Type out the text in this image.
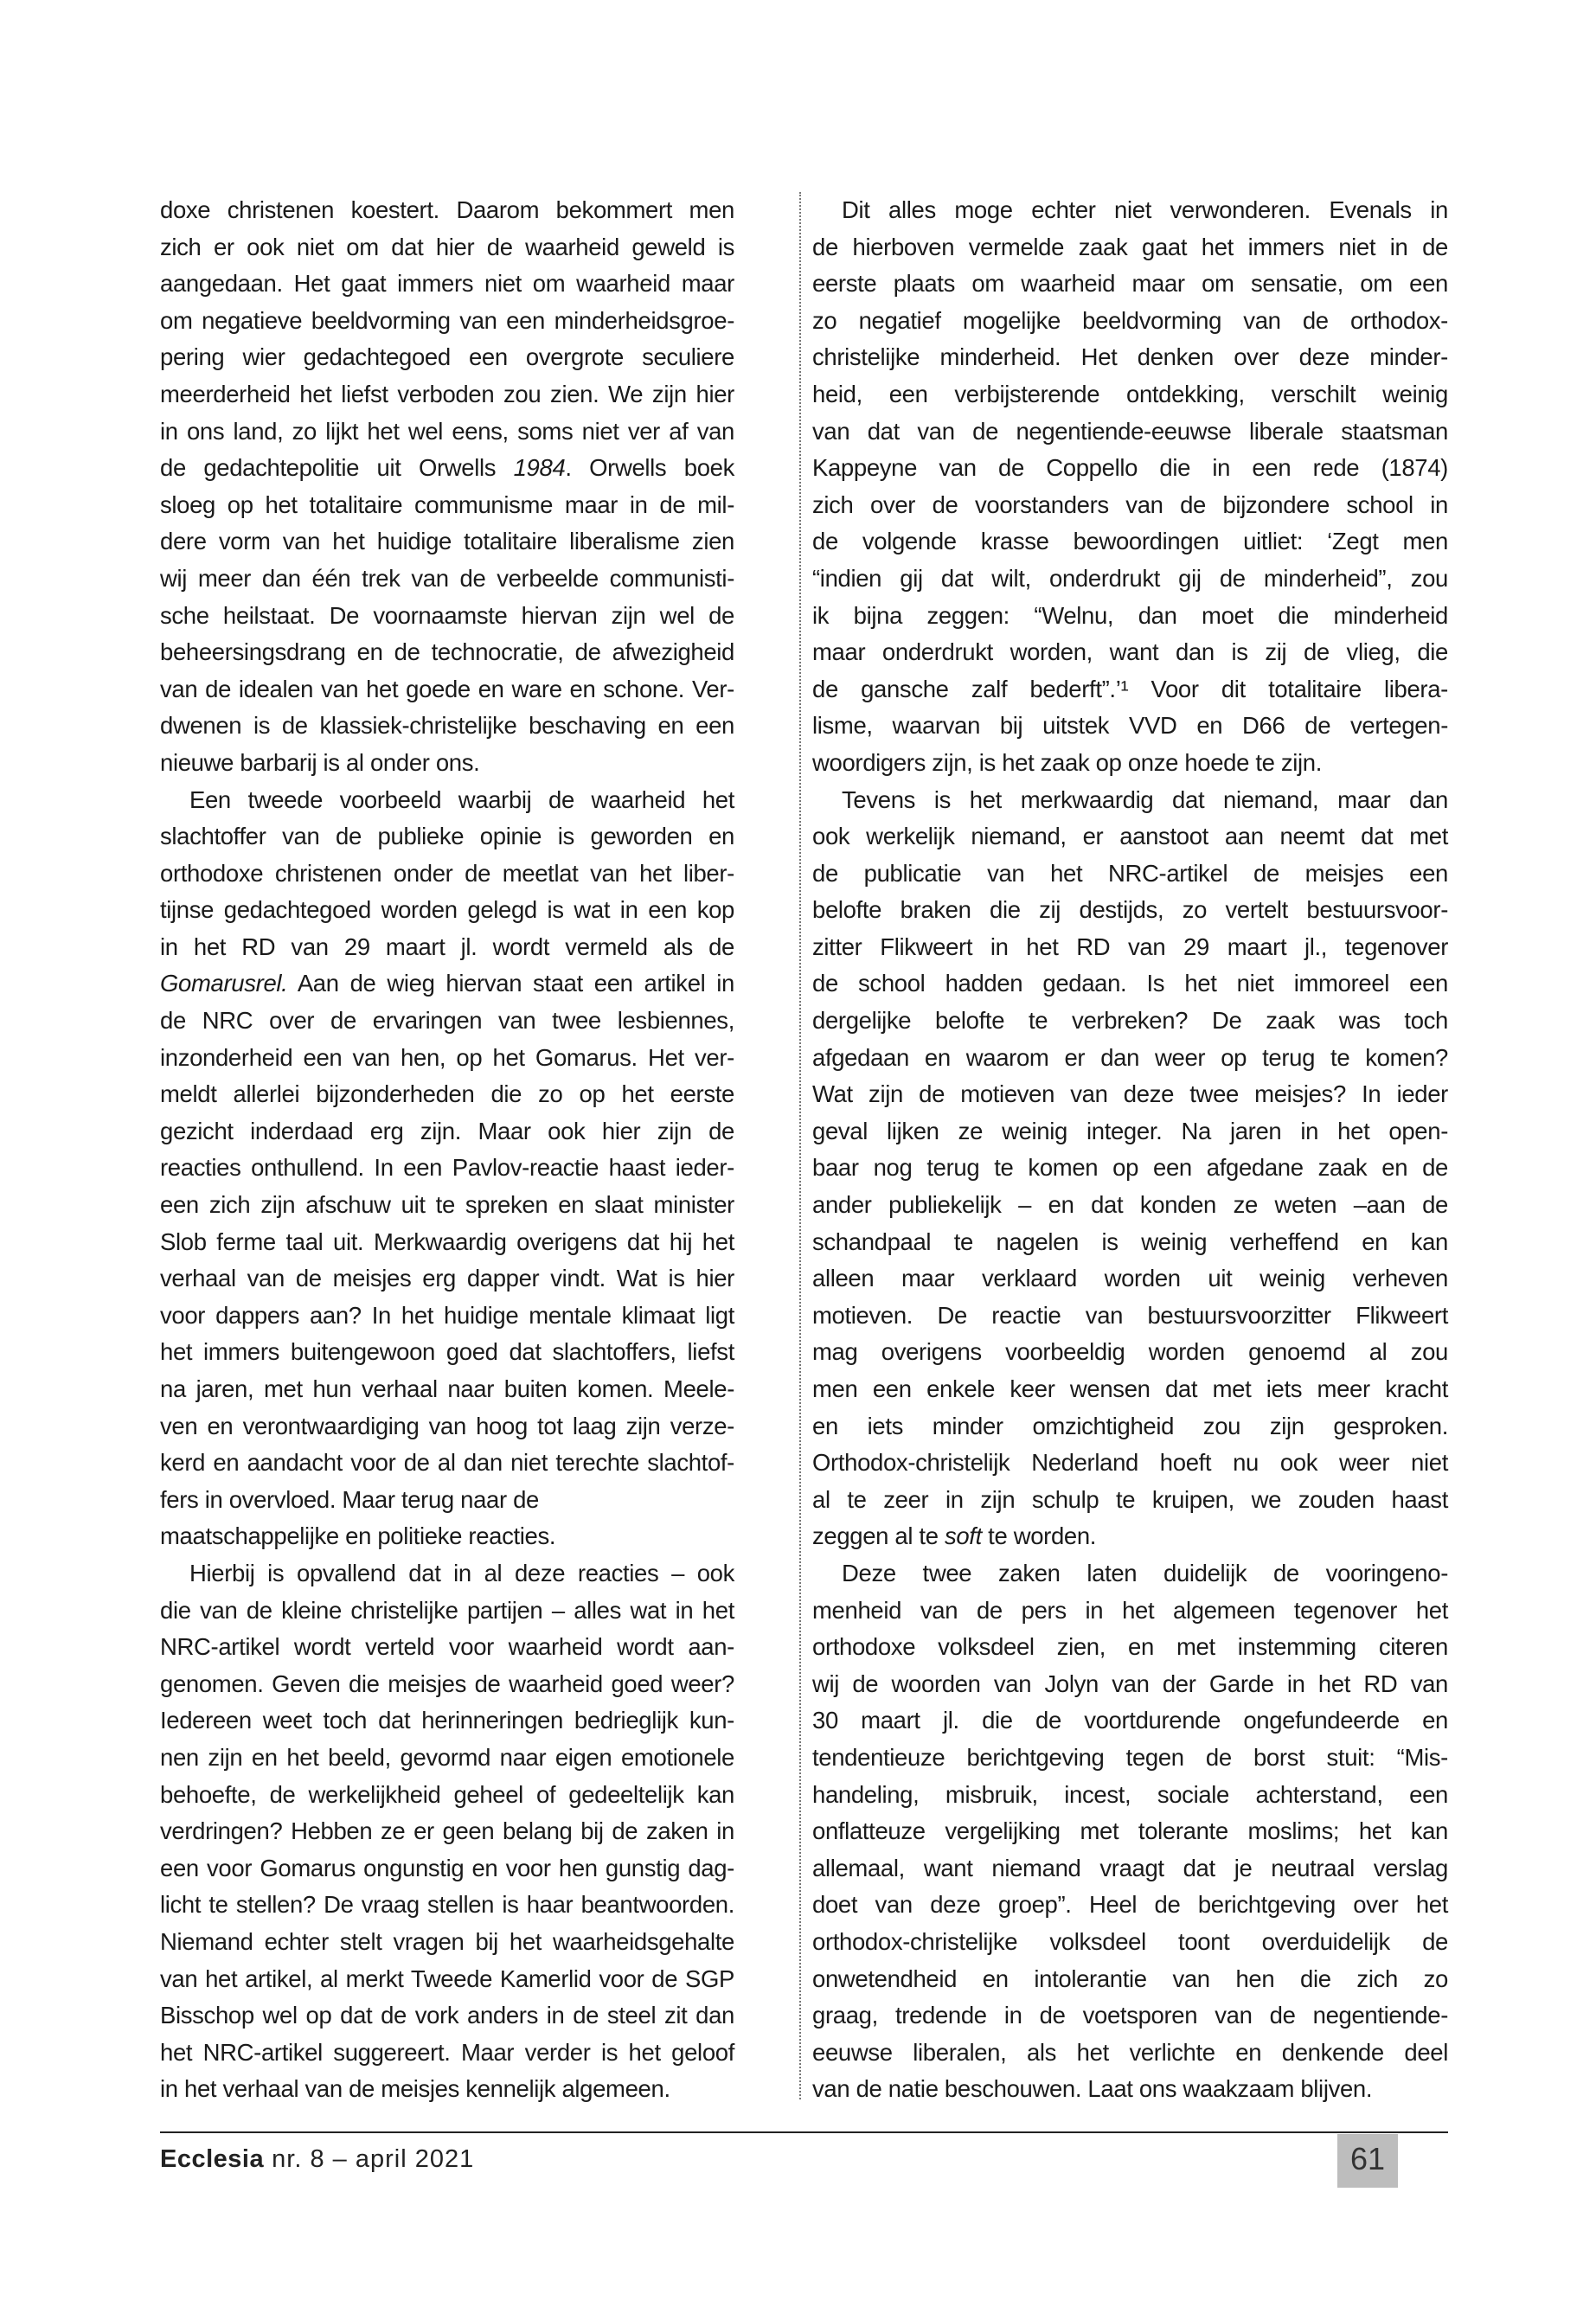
doxe christenen koestert. Daarom bekommert men
zich er ook niet om dat hier de waarheid geweld is
aangedaan. Het gaat immers niet om waarheid maar
om negatieve beeldvorming van een minderheidsgroe-
pering wier gedachtegoed een overgrote seculiere
meerderheid het liefst verboden zou zien. We zijn hier
in ons land, zo lijkt het wel eens, soms niet ver af van
de gedachtepolitie uit Orwells 1984. Orwells boek
sloeg op het totalitaire communisme maar in de mil-
dere vorm van het huidige totalitaire liberalisme zien
wij meer dan één trek van de verbeelde communisti-
sche heilstaat. De voornaamste hiervan zijn wel de
beheersingsdrang en de technocratie, de afwezigheid
van de idealen van het goede en ware en schone. Ver-
dwenen is de klassiek-christelijke beschaving en een
nieuwe barbarij is al onder ons.
Een tweede voorbeeld waarbij de waarheid het
slachtoffer van de publieke opinie is geworden en
orthodoxe christenen onder de meetlat van het liber-
tijnse gedachtegoed worden gelegd is wat in een kop
in het RD van 29 maart jl. wordt vermeld als de
Gomarusrel. Aan de wieg hiervan staat een artikel in
de NRC over de ervaringen van twee lesbiennes,
inzonderheid een van hen, op het Gomarus. Het ver-
meldt allerlei bijzonderheden die zo op het eerste
gezicht inderdaad erg zijn. Maar ook hier zijn de
reacties onthullend. In een Pavlov-reactie haast ieder-
een zich zijn afschuw uit te spreken en slaat minister
Slob ferme taal uit. Merkwaardig overigens dat hij het
verhaal van de meisjes erg dapper vindt. Wat is hier
voor dappers aan? In het huidige mentale klimaat ligt
het immers buitengewoon goed dat slachtoffers, liefst
na jaren, met hun verhaal naar buiten komen. Meele-
ven en verontwaardiging van hoog tot laag zijn verze-
kerd en aandacht voor de al dan niet terechte slachtof-
fers in overvloed. Maar terug naar de
maatschappelijke en politieke reacties.
Hierbij is opvallend dat in al deze reacties – ook
die van de kleine christelijke partijen – alles wat in het
NRC-artikel wordt verteld voor waarheid wordt aan-
genomen. Geven die meisjes de waarheid goed weer?
Iedereen weet toch dat herinneringen bedrieglijk kun-
nen zijn en het beeld, gevormd naar eigen emotionele
behoefte, de werkelijkheid geheel of gedeeltelijk kan
verdringen? Hebben ze er geen belang bij de zaken in
een voor Gomarus ongunstig en voor hen gunstig dag-
licht te stellen? De vraag stellen is haar beantwoorden.
Niemand echter stelt vragen bij het waarheidsgehalte
van het artikel, al merkt Tweede Kamerlid voor de SGP
Bisschop wel op dat de vork anders in de steel zit dan
het NRC-artikel suggereert. Maar verder is het geloof
in het verhaal van de meisjes kennelijk algemeen.
Dit alles moge echter niet verwonderen. Evenals in
de hierboven vermelde zaak gaat het immers niet in de
eerste plaats om waarheid maar om sensatie, om een
zo negatief mogelijke beeldvorming van de orthodox-
christelijke minderheid. Het denken over deze minder-
heid, een verbijsterende ontdekking, verschilt weinig
van dat van de negentiende-eeuwse liberale staatsman
Kappeyne van de Coppello die in een rede (1874)
zich over de voorstanders van de bijzondere school in
de volgende krasse bewoordingen uitliet: ‘Zegt men
“indien gij dat wilt, onderdrukt gij de minderheid”, zou
ik bijna zeggen: “Welnu, dan moet die minderheid
maar onderdrukt worden, want dan is zij de vlieg, die
de gansche zalf bederft”.’¹ Voor dit totalitaire libera-
lisme, waarvan bij uitstek VVD en D66 de vertegen-
woordigers zijn, is het zaak op onze hoede te zijn.
Tevens is het merkwaardig dat niemand, maar dan
ook werkelijk niemand, er aanstoot aan neemt dat met
de publicatie van het NRC-artikel de meisjes een
belofte braken die zij destijds, zo vertelt bestuursvoor-
zitter Flikweert in het RD van 29 maart jl., tegenover
de school hadden gedaan. Is het niet immoreel een
dergelijke belofte te verbreken? De zaak was toch
afgedaan en waarom er dan weer op terug te komen?
Wat zijn de motieven van deze twee meisjes? In ieder
geval lijken ze weinig integer. Na jaren in het open-
baar nog terug te komen op een afgedane zaak en de
ander publiekelijk – en dat konden ze weten –aan de
schandpaal te nagelen is weinig verheffend en kan
alleen maar verklaard worden uit weinig verheven
motieven. De reactie van bestuursvoorzitter Flikweert
mag overigens voorbeeldig worden genoemd al zou
men een enkele keer wensen dat met iets meer kracht
en iets minder omzichtigheid zou zijn gesproken.
Orthodox-christelijk Nederland hoeft nu ook weer niet
al te zeer in zijn schulp te kruipen, we zouden haast
zeggen al te soft te worden.
Deze twee zaken laten duidelijk de vooringeno-
menheid van de pers in het algemeen tegenover het
orthodoxe volksdeel zien, en met instemming citeren
wij de woorden van Jolyn van der Garde in het RD van
30 maart jl. die de voortdurende ongefundeerde en
tendentieuze berichtgeving tegen de borst stuit: “Mis-
handeling, misbruik, incest, sociale achterstand, een
onflatteuze vergelijking met tolerante moslims; het kan
allemaal, want niemand vraagt dat je neutraal verslag
doet van deze groep”. Heel de berichtgeving over het
orthodox-christelijke volksdeel toont overduidelijk de
onwetendheid en intolerantie van hen die zich zo
graag, tredende in de voetsporen van de negentiende-
eeuwse liberalen, als het verlichte en denkende deel
van de natie beschouwen. Laat ons waakzaam blijven.
Ecclesia nr. 8 – april 2021	61
